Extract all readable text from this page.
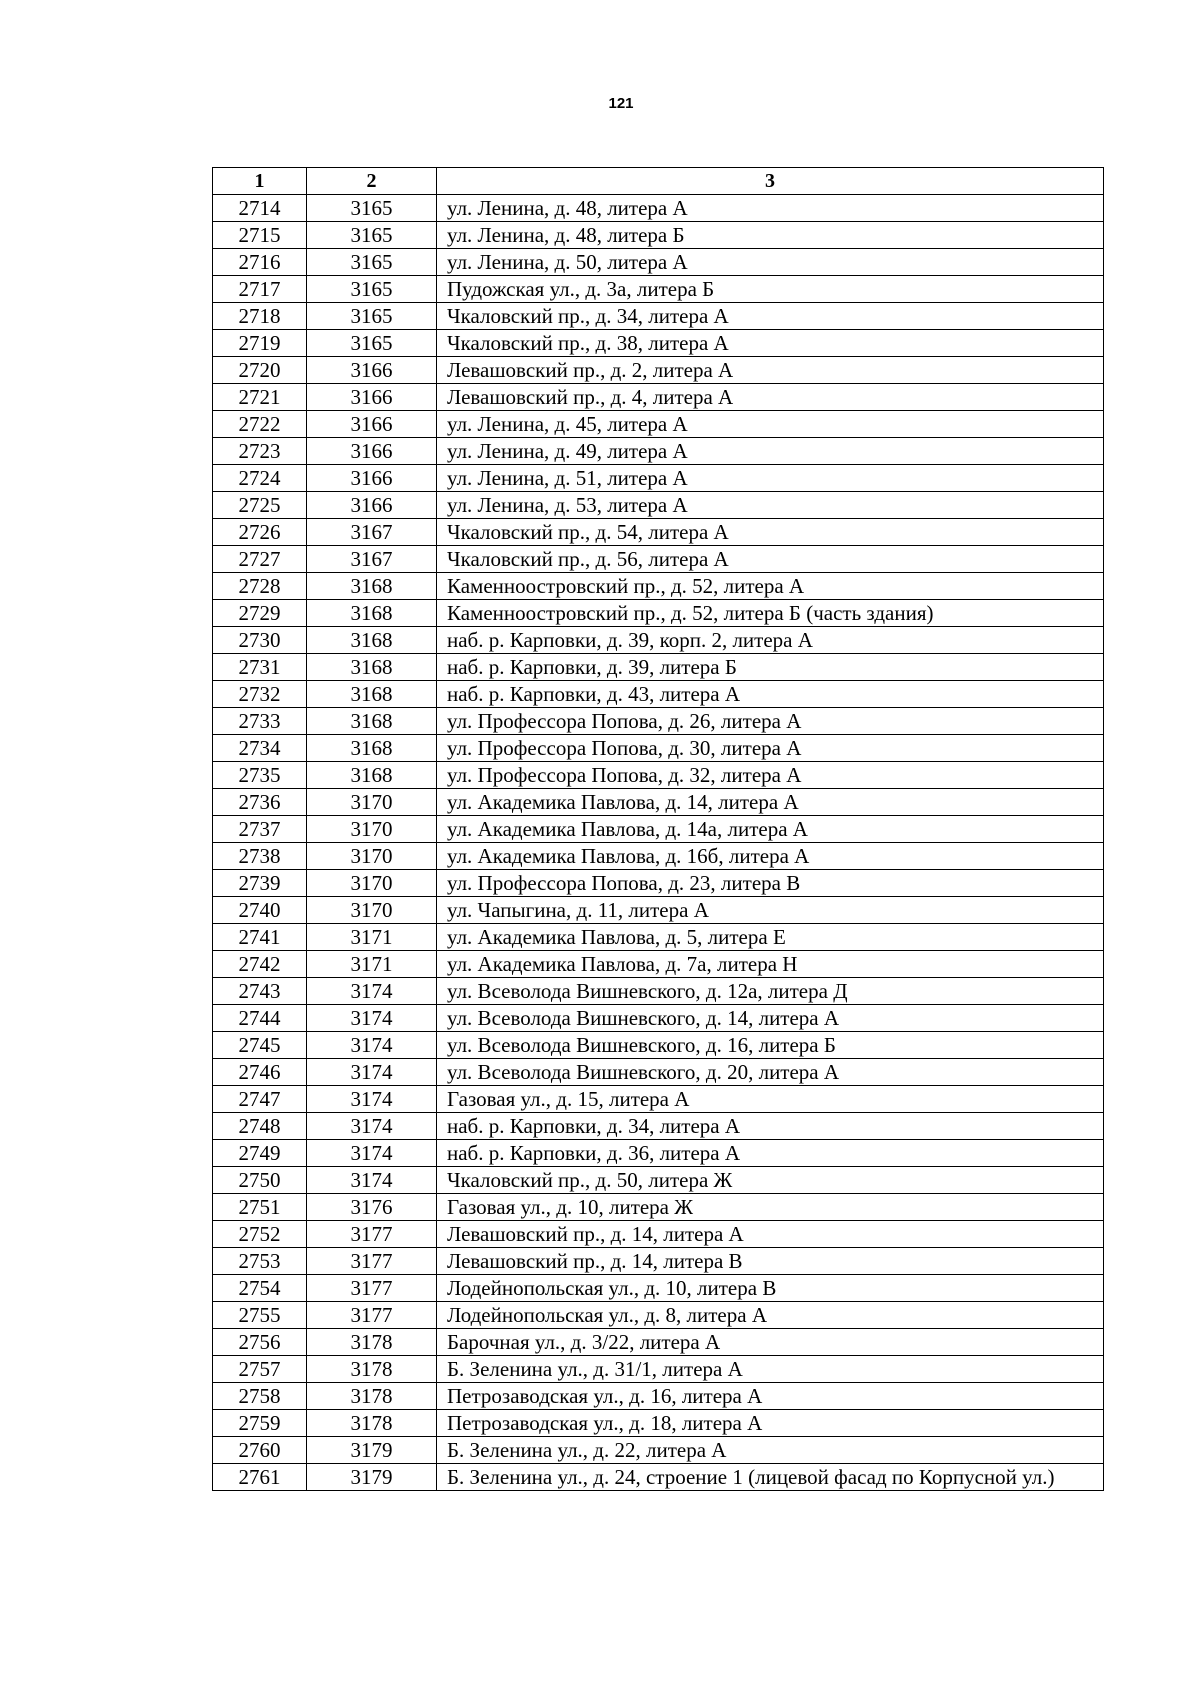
121
1	2	3
2714	3165	ул. Ленина, д. 48, литера А
2715	3165	ул. Ленина, д. 48, литера Б
2716	3165	ул. Ленина, д. 50, литера А
2717	3165	Пудожская ул., д. 3а, литера Б
2718	3165	Чкаловский пр., д. 34, литера А
2719	3165	Чкаловский пр., д. 38, литера А
2720	3166	Левашовский пр., д. 2, литера А
2721	3166	Левашовский пр., д. 4, литера А
2722	3166	ул. Ленина, д. 45, литера А
2723	3166	ул. Ленина, д. 49, литера А
2724	3166	ул. Ленина, д. 51, литера А
2725	3166	ул. Ленина, д. 53, литера А
2726	3167	Чкаловский пр., д. 54, литера А
2727	3167	Чкаловский пр., д. 56, литера А
2728	3168	Каменноостровский пр., д. 52, литера А
2729	3168	Каменноостровский пр., д. 52, литера Б (часть здания)
2730	3168	наб. р. Карповки, д. 39, корп. 2, литера А
2731	3168	наб. р. Карповки, д. 39, литера Б
2732	3168	наб. р. Карповки, д. 43, литера А
2733	3168	ул. Профессора Попова, д. 26, литера А
2734	3168	ул. Профессора Попова, д. 30, литера А
2735	3168	ул. Профессора Попова, д. 32, литера А
2736	3170	ул. Академика Павлова, д. 14, литера А
2737	3170	ул. Академика Павлова, д. 14а, литера А
2738	3170	ул. Академика Павлова, д. 16б, литера А
2739	3170	ул. Профессора Попова, д. 23, литера В
2740	3170	ул. Чапыгина, д. 11, литера А
2741	3171	ул. Академика Павлова, д. 5, литера Е
2742	3171	ул. Академика Павлова, д. 7а, литера Н
2743	3174	ул. Всеволода Вишневского, д. 12а, литера Д
2744	3174	ул. Всеволода Вишневского, д. 14, литера А
2745	3174	ул. Всеволода Вишневского, д. 16, литера Б
2746	3174	ул. Всеволода Вишневского, д. 20, литера А
2747	3174	Газовая ул., д. 15, литера А
2748	3174	наб. р. Карповки, д. 34, литера А
2749	3174	наб. р. Карповки, д. 36, литера А
2750	3174	Чкаловский пр., д. 50, литера Ж
2751	3176	Газовая ул., д. 10, литера Ж
2752	3177	Левашовский пр., д. 14, литера А
2753	3177	Левашовский пр., д. 14, литера В
2754	3177	Лодейнопольская ул., д. 10, литера В
2755	3177	Лодейнопольская ул., д. 8, литера А
2756	3178	Барочная ул., д. 3/22, литера А
2757	3178	Б. Зеленина ул., д. 31/1, литера А
2758	3178	Петрозаводская ул., д. 16, литера А
2759	3178	Петрозаводская ул., д. 18, литера А
2760	3179	Б. Зеленина ул., д. 22, литера А
2761	3179	Б. Зеленина ул., д. 24, строение 1 (лицевой фасад по Корпусной ул.)
